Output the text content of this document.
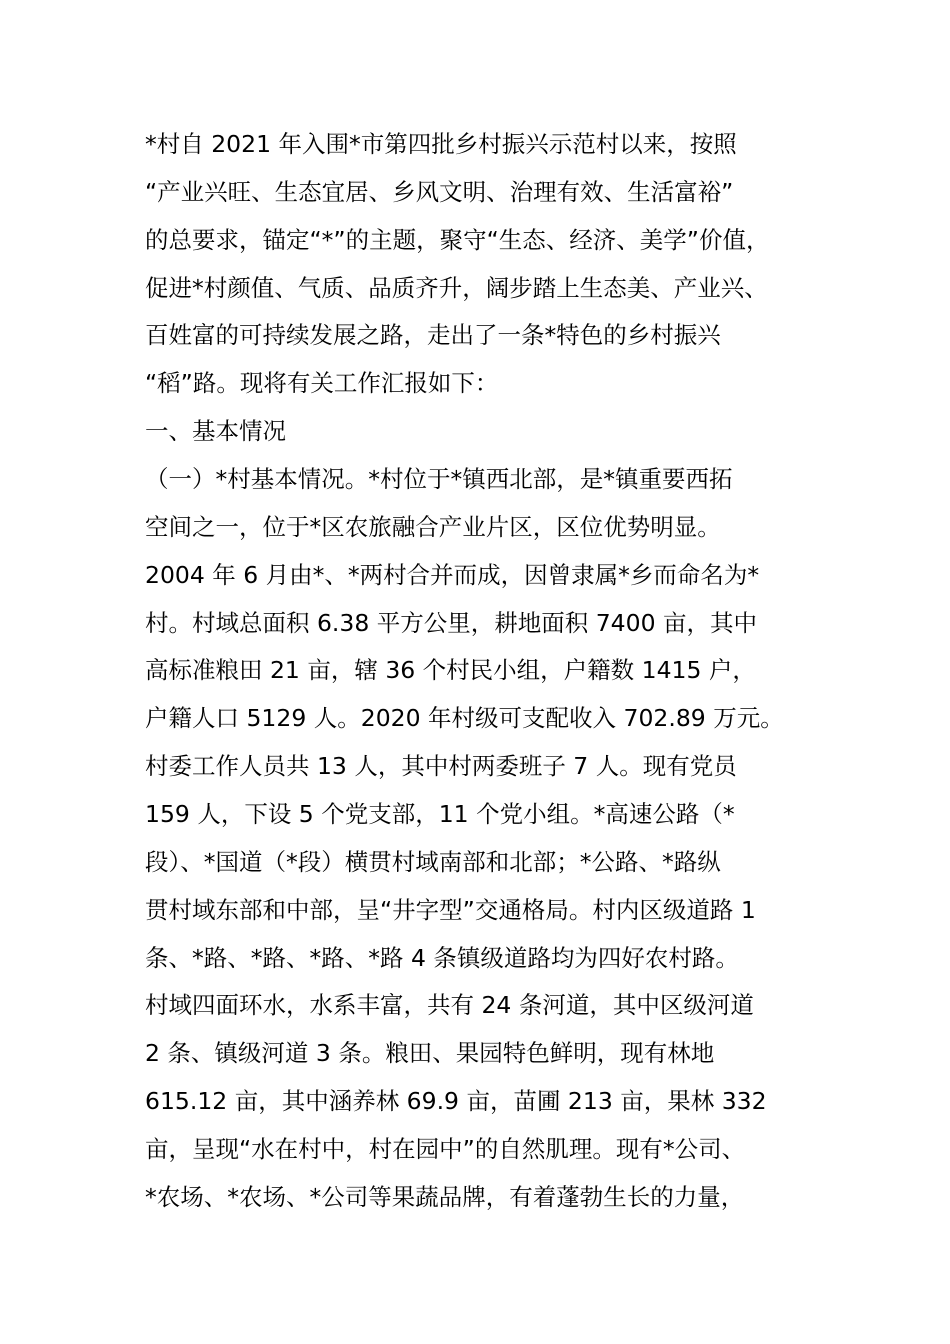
*村自 2021 年入围*市第四批乡村振兴示范村以来，按照
“产业兴旺、生态宜居、乡风文明、治理有效、生活富裕”
的总要求，锚定“*”的主题，聚守“生态、经济、美学”价值，
促进*村颜值、气质、品质齐升，阔步踏上生态美、产业兴、
百姓富的可持续发展之路，走出了一条*特色的乡村振兴
“稻”路。现将有关工作汇报如下：
一、基本情况
（一）*村基本情况。*村位于*镇西北部，是*镇重要西拓
空间之一，位于*区农旅融合产业片区，区位优势明显。
2004 年 6 月由*、*两村合并而成，因曾隶属*乡而命名为*
村。村域总面积 6.38 平方公里，耕地面积 7400 亩，其中
高标准粮田 21 亩，辖 36 个村民小组，户籍数 1415 户，
户籍人口 5129 人。2020 年村级可支配收入 702.89 万元。
村委工作人员共 13 人，其中村两委班子 7 人。现有党员
159 人，下设 5 个党支部，11 个党小组。*高速公路（*
段）、*国道（*段）横贯村域南部和北部；*公路、*路纵
贯村域东部和中部，呈“井字型”交通格局。村内区级道路 1
条、*路、*路、*路、*路 4 条镇级道路均为四好农村路。
村域四面环水，水系丰富，共有 24 条河道，其中区级河道
2 条、镇级河道 3 条。粮田、果园特色鲜明，现有林地
615.12 亩，其中涵养林 69.9 亩，苗圃 213 亩，果林 332
亩，呈现“水在村中，村在园中”的自然肌理。现有*公司、
*农场、*农场、*公司等果蔬品牌，有着蓬勃生长的力量，
